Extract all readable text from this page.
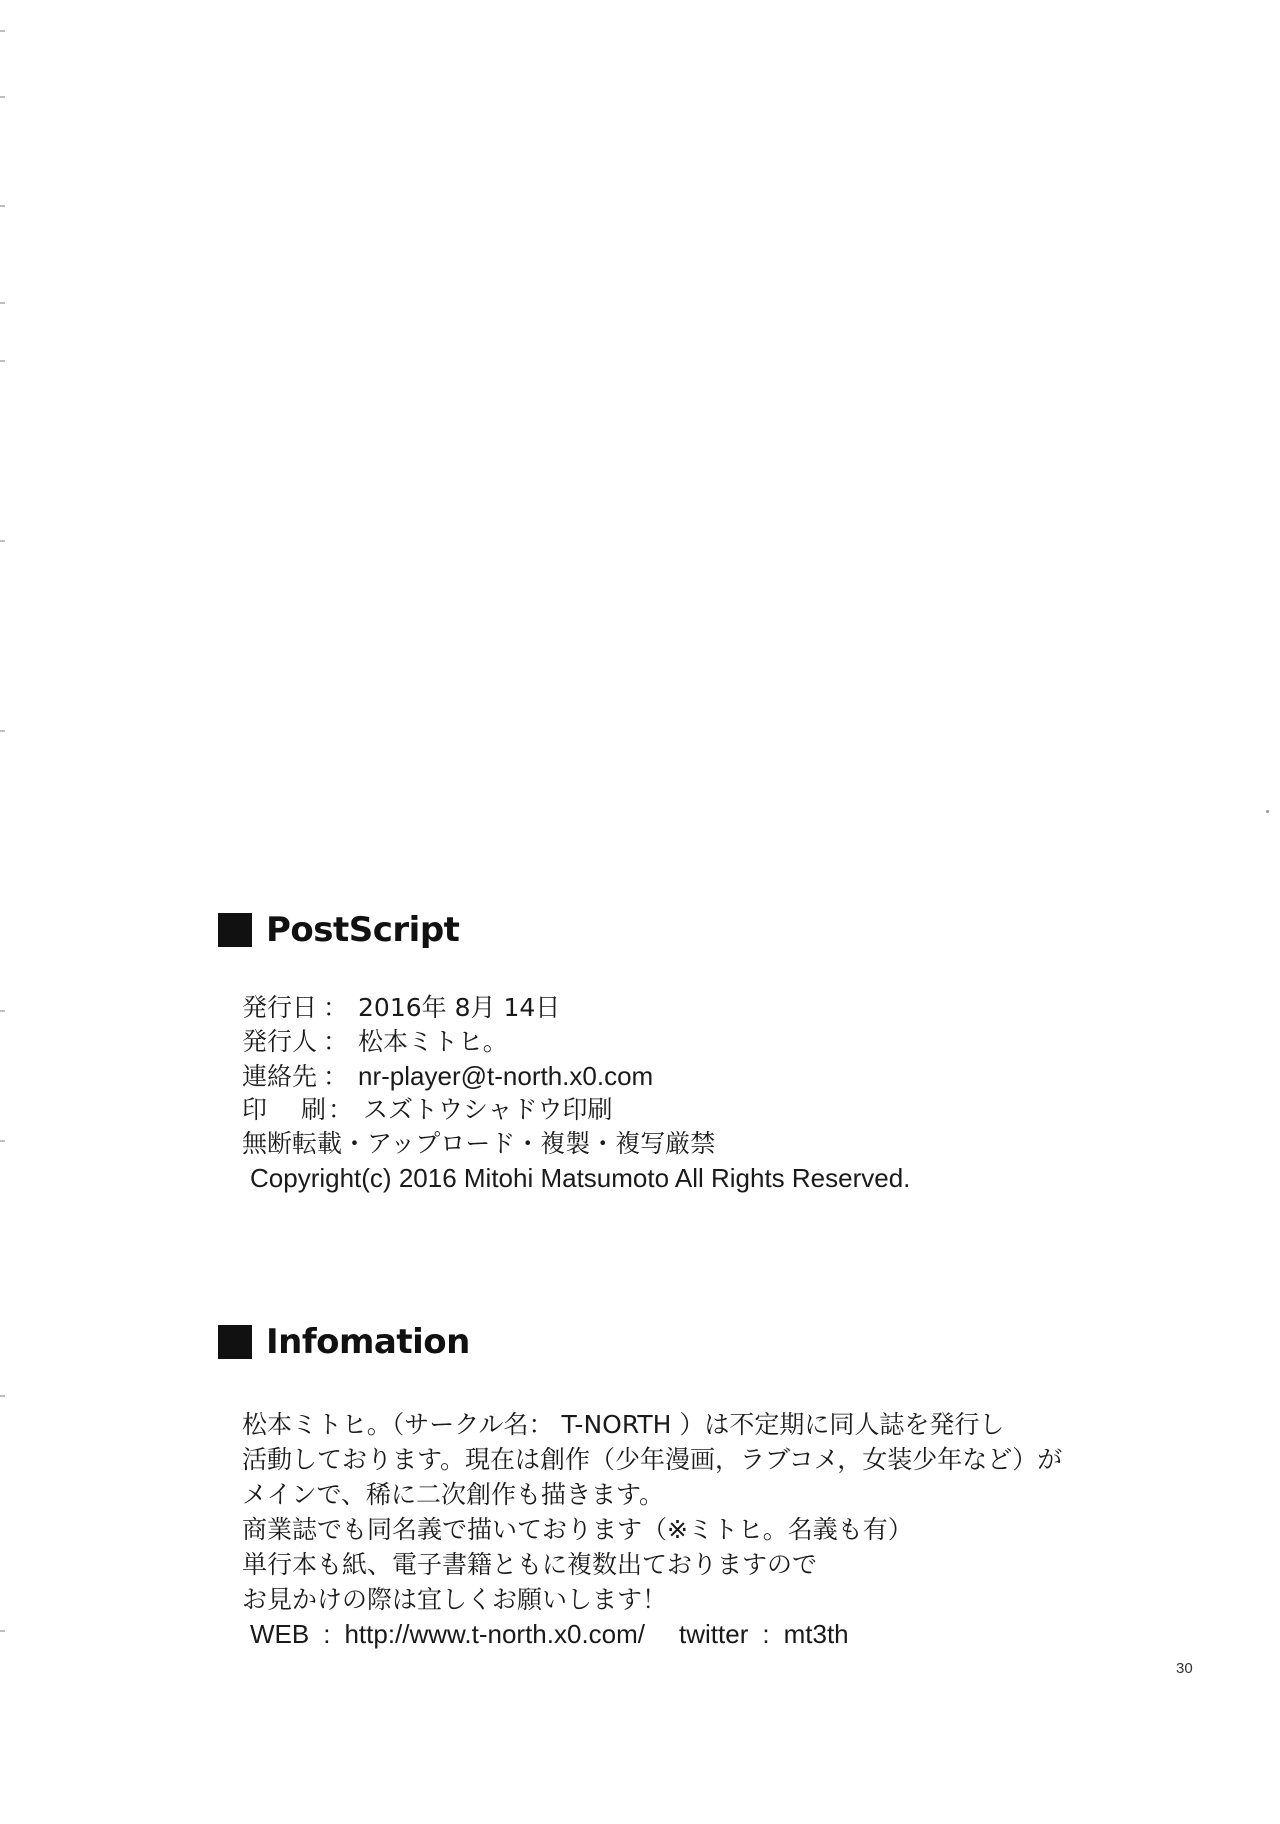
PostScript
発行日 ： 2016年 8月 14日
発行人 ： 松本ミトヒ。
連絡先 ： nr-player@t-north.x0.com
印 刷： スズトウシャドウ印刷
無断転載・アップロード・複製・複写厳禁
Copyright(c) 2016 Mitohi Matsumoto All Rights Reserved.
Infomation
松本ミトヒ。（サークル名： T-NORTH ）は不定期に同人誌を発行し
活動しております。現在は創作（少年漫画，ラブコメ，女装少年など）が
メインで、稀に二次創作も描きます。
商業誌でも同名義で描いております（※ミトヒ。名義も有）
単行本も紙、電子書籍ともに複数出ておりますので
お見かけの際は宜しくお願いします！
WEB : http://www.t-north.x0.com/ twitter : mt3th
30
